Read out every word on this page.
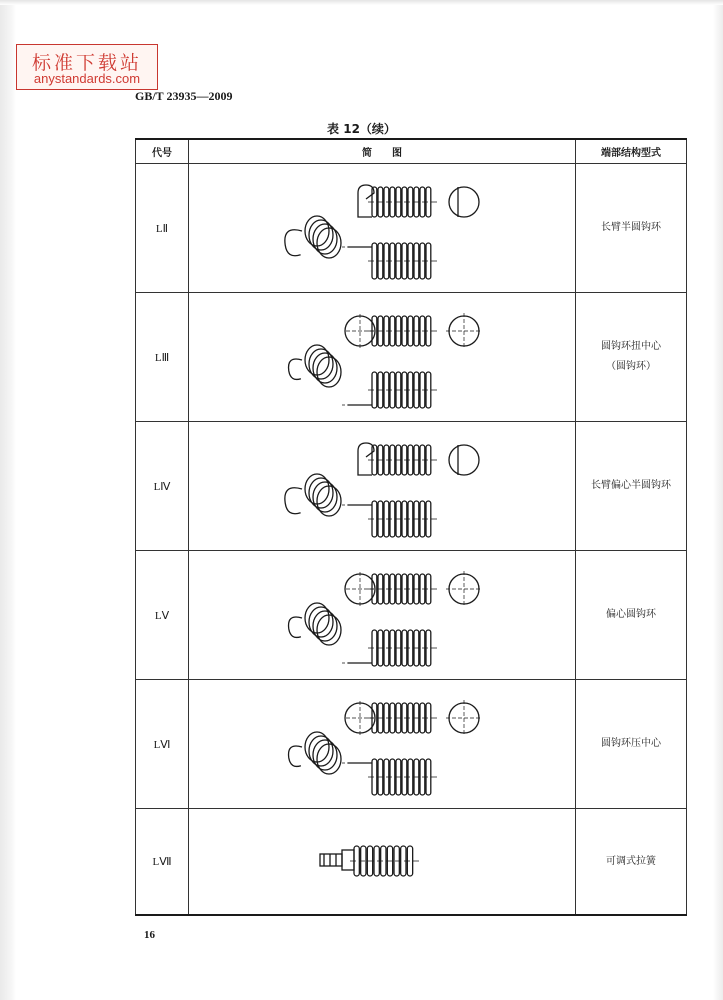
标准下载站
anystandards.com
GB/T 23935—2009
表 12（续）
代号	简　　图	端部结构型式
LⅡ		长臂半圆钩环

LⅢ		圆钩环扭中心
（圆钩环）

LⅣ		长臂偏心半圆钩环

LⅤ		偏心圆钩环

LⅥ		圆钩环压中心

LⅦ		可调式拉簧
16
